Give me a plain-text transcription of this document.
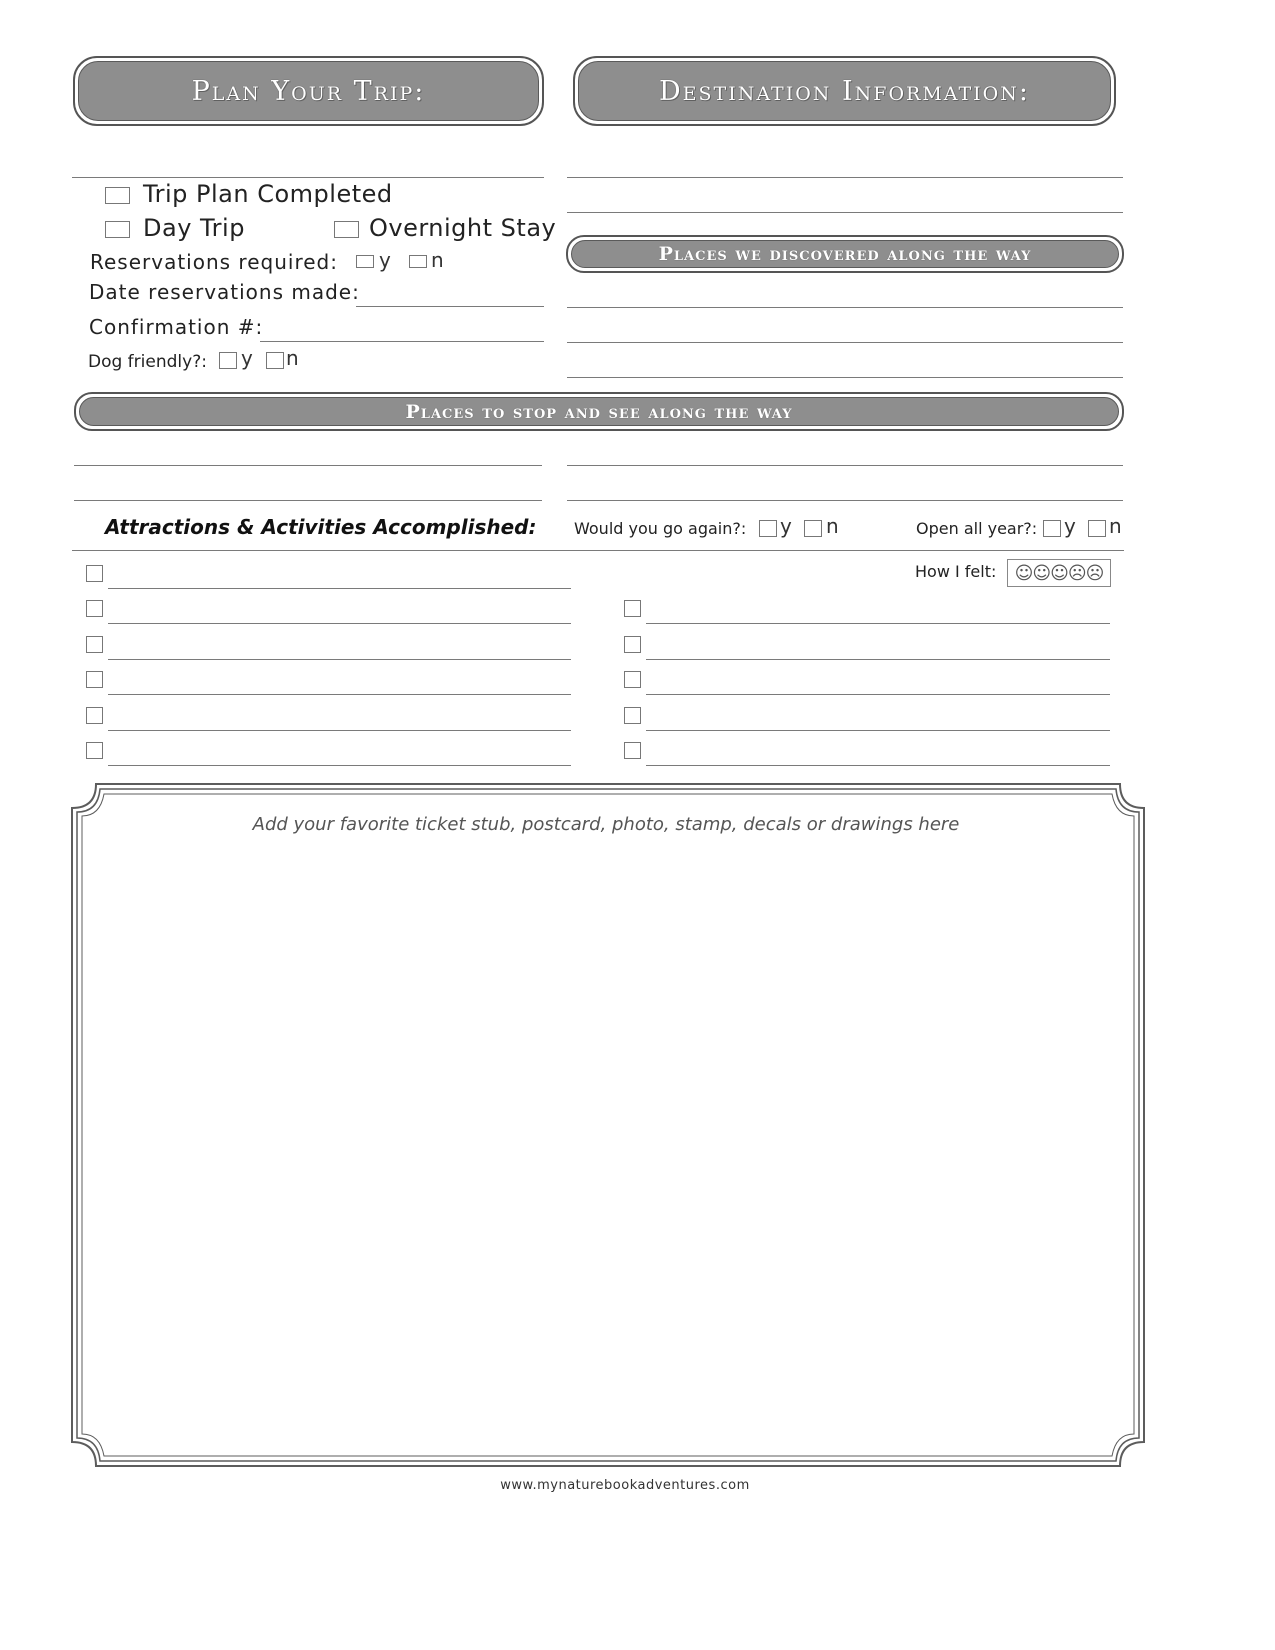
Plan Your Trip:	Destination Information:
Trip Plan Completed
Day Trip	Overnight Stay
Reservations required: y n
Date reservations made:
Confirmation #:
Dog friendly?: y n
Places we discovered along the way
Places to stop and see along the way
Attractions & Activities Accomplished: Would you go again?: y n	Open all year?: y n
How I felt: ☺☺☺☹☹
Add your favorite ticket stub, postcard, photo, stamp, decals or drawings here
www.mynaturebookadventures.com
